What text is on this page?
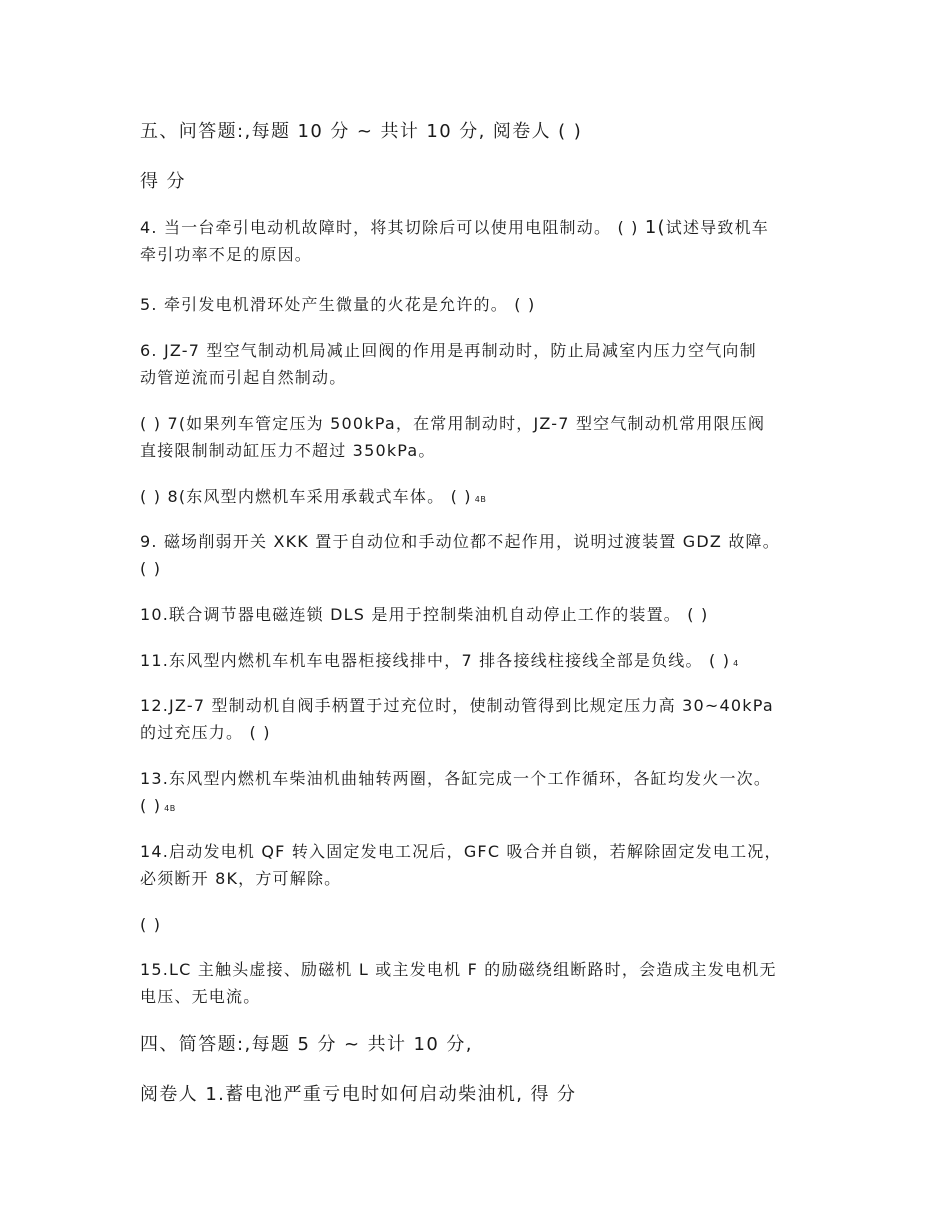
五、问答题:,每题 10 分 ~ 共计 10 分, 阅卷人 ( )
得 分
4. 当一台牵引电动机故障时，将其切除后可以使用电阻制动。 ( ) 1(试述导致机车
牵引功率不足的原因。
5. 牵引发电机滑环处产生微量的火花是允许的。 ( )
6. JZ-7 型空气制动机局减止回阀的作用是再制动时，防止局减室内压力空气向制
动管逆流而引起自然制动。
( ) 7(如果列车管定压为 500kPa，在常用制动时，JZ-7 型空气制动机常用限压阀
直接限制制动缸压力不超过 350kPa。
( ) 8(东风型内燃机车采用承载式车体。 ( ) 4B
9. 磁场削弱开关 XKK 置于自动位和手动位都不起作用，说明过渡装置 GDZ 故障。
( )
10.联合调节器电磁连锁 DLS 是用于控制柴油机自动停止工作的装置。 ( )
11.东风型内燃机车机车电器柜接线排中，7 排各接线柱接线全部是负线。 ( ) 4
12.JZ-7 型制动机自阀手柄置于过充位时，使制动管得到比规定压力高 30~40kPa
的过充压力。 ( )
13.东风型内燃机车柴油机曲轴转两圈，各缸完成一个工作循环，各缸均发火一次。
( ) 4B
14.启动发电机 QF 转入固定发电工况后，GFC 吸合并自锁，若解除固定发电工况，
必须断开 8K，方可解除。
( )
15.LC 主触头虚接、励磁机 L 或主发电机 F 的励磁绕组断路时，会造成主发电机无
电压、无电流。
四、简答题:,每题 5 分 ~ 共计 10 分,
阅卷人 1.蓄电池严重亏电时如何启动柴油机, 得 分
